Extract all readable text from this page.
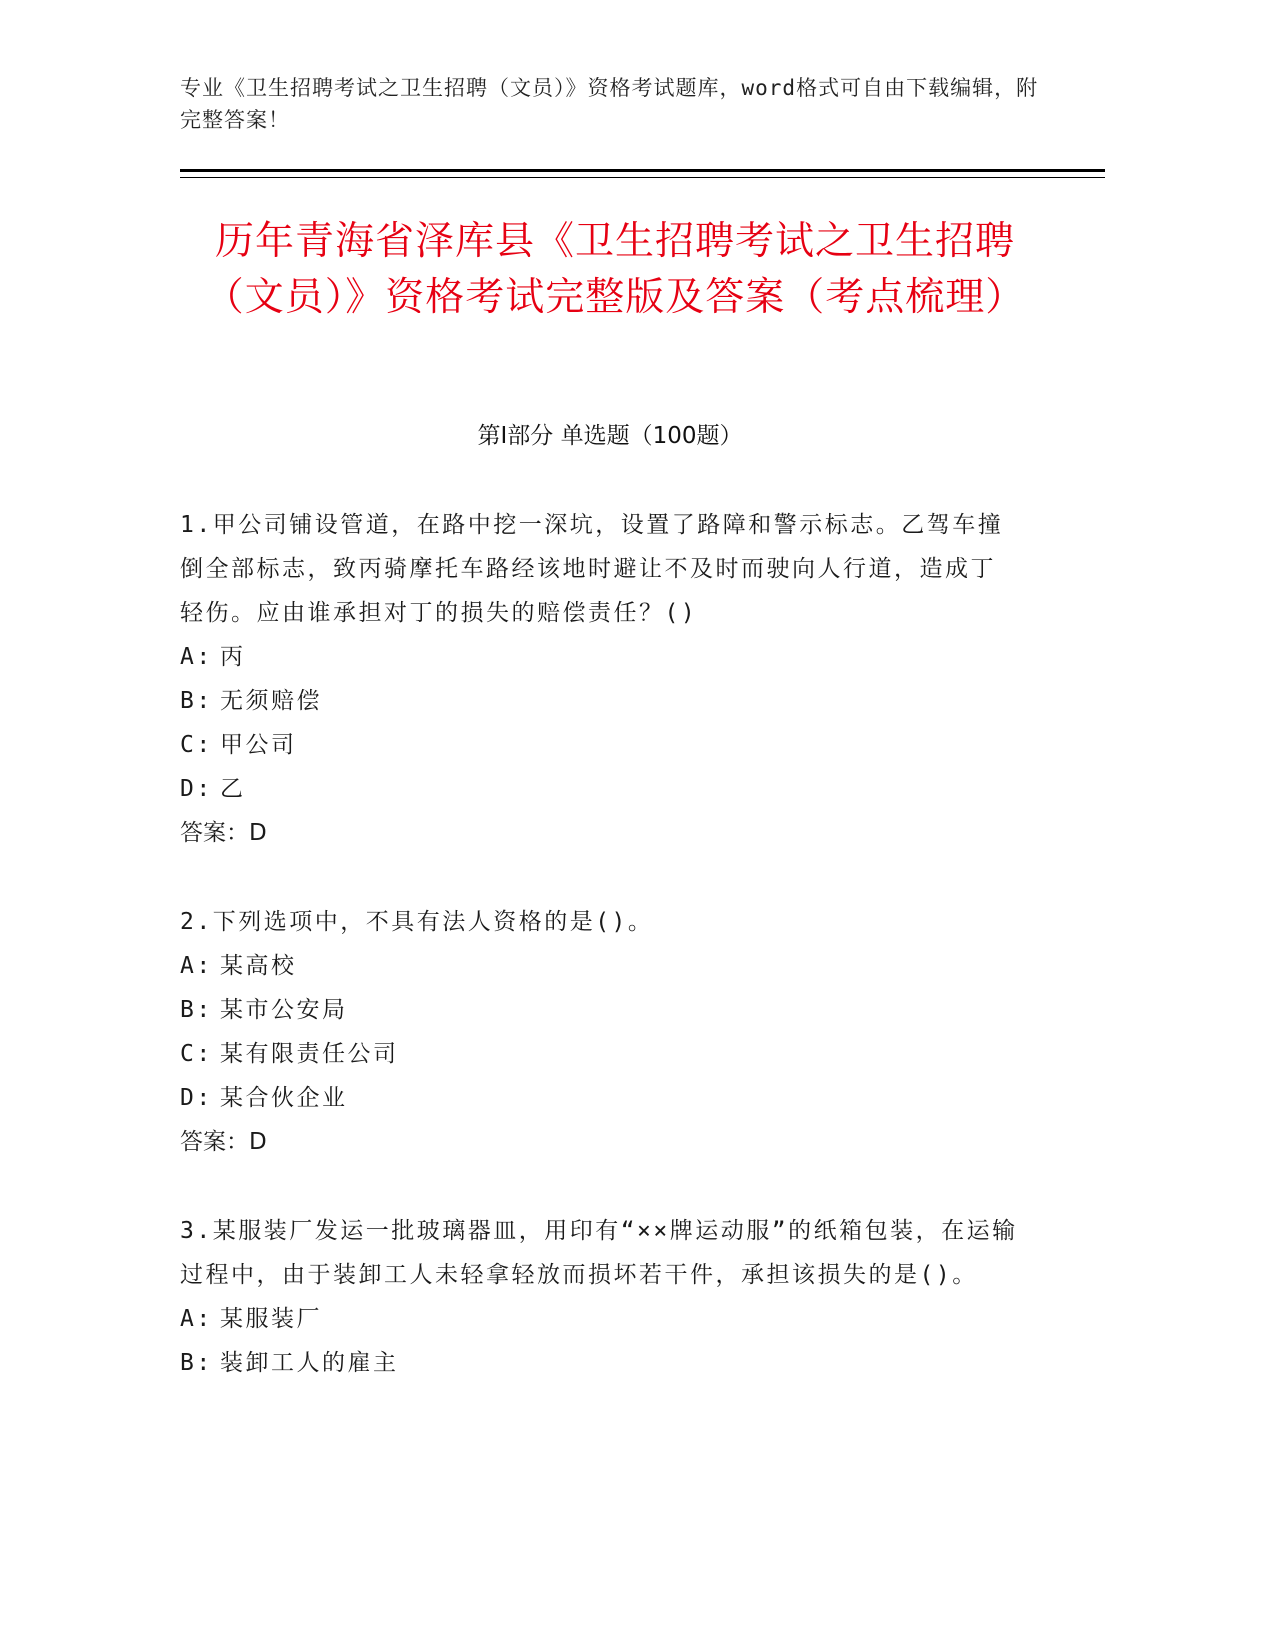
专业《卫生招聘考试之卫生招聘（文员）》资格考试题库，word格式可自由下载编辑，附完整答案！
历年青海省泽库县《卫生招聘考试之卫生招聘（文员）》资格考试完整版及答案（考点梳理）
第I部分 单选题（100题）
1.甲公司铺设管道，在路中挖一深坑，设置了路障和警示标志。乙驾车撞倒全部标志，致丙骑摩托车路经该地时避让不及时而驶向人行道，造成丁轻伤。应由谁承担对丁的损失的赔偿责任？()
A: 丙
B: 无须赔偿
C: 甲公司
D: 乙
答案：D
2.下列选项中，不具有法人资格的是()。
A: 某高校
B: 某市公安局
C: 某有限责任公司
D: 某合伙企业
答案：D
3.某服装厂发运一批玻璃器皿，用印有“××牌运动服”的纸箱包装，在运输过程中，由于装卸工人未轻拿轻放而损坏若干件，承担该损失的是()。
A: 某服装厂
B: 装卸工人的雇主
